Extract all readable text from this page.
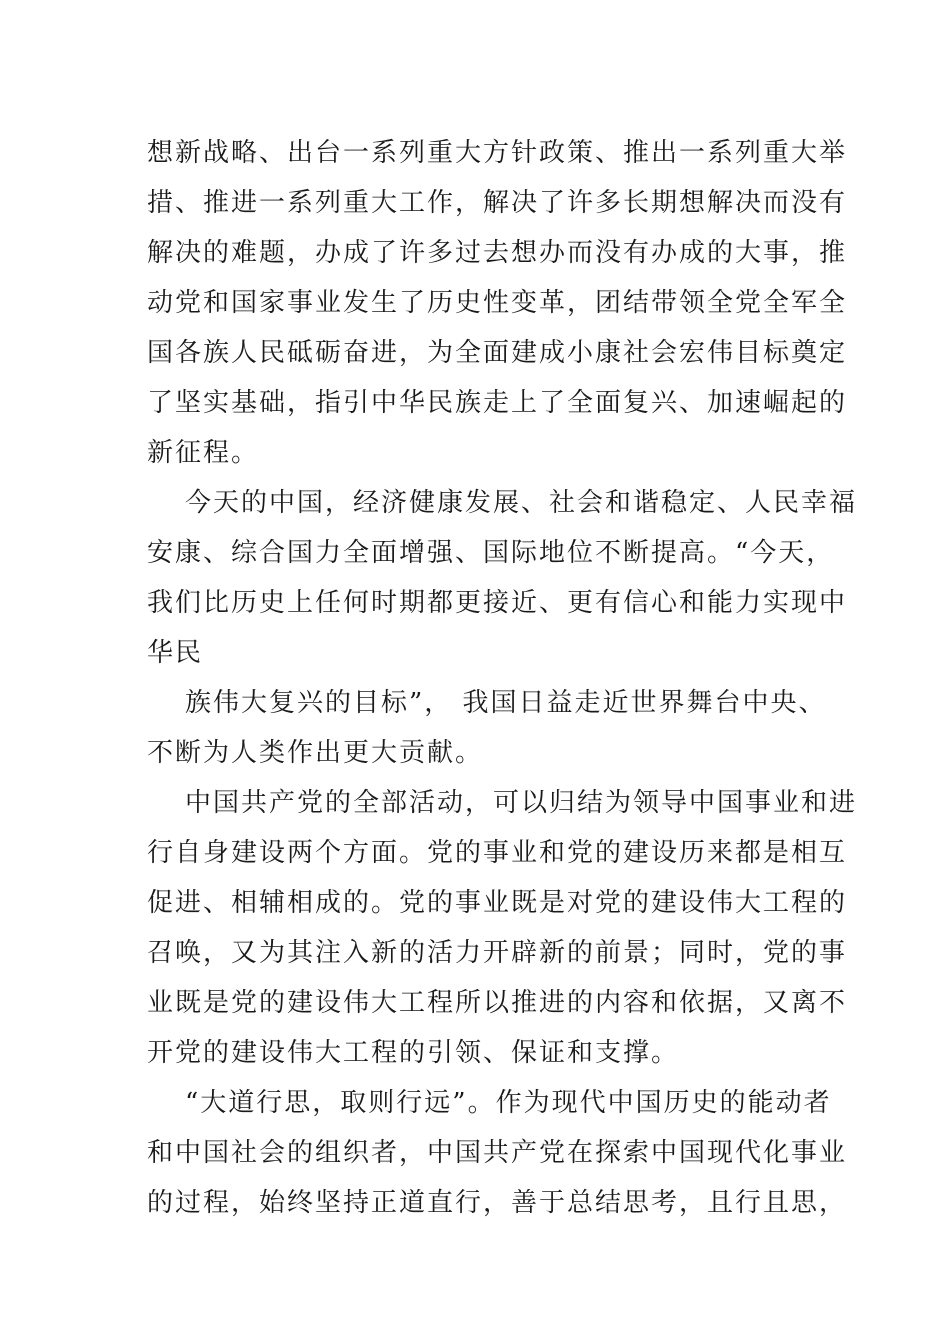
想新战略、出台一系列重大方针政策、推出一系列重大举
措、推进一系列重大工作，解决了许多长期想解决而没有
解决的难题，办成了许多过去想办而没有办成的大事，推
动党和国家事业发生了历史性变革，团结带领全党全军全
国各族人民砥砺奋进，为全面建成小康社会宏伟目标奠定
了坚实基础，指引中华民族走上了全面复兴、加速崛起的
新征程。
今天的中国，经济健康发展、社会和谐稳定、人民幸福
安康、综合国力全面增强、国际地位不断提高。“今天，
我们比历史上任何时期都更接近、更有信心和能力实现中
华民
族伟大复兴的目标”， 我国日益走近世界舞台中央、
不断为人类作出更大贡献。
中国共产党的全部活动，可以归结为领导中国事业和进
行自身建设两个方面。党的事业和党的建设历来都是相互
促进、相辅相成的。党的事业既是对党的建设伟大工程的
召唤，又为其注入新的活力开辟新的前景；同时，党的事
业既是党的建设伟大工程所以推进的内容和依据，又离不
开党的建设伟大工程的引领、保证和支撑。
“大道行思，取则行远”。作为现代中国历史的能动者
和中国社会的组织者，中国共产党在探索中国现代化事业
的过程，始终坚持正道直行，善于总结思考，且行且思，
